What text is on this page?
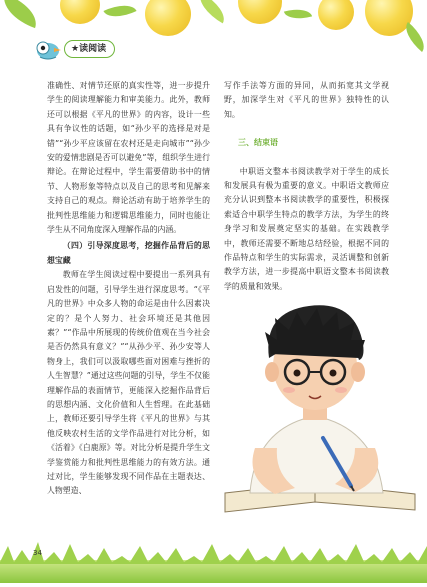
★读阅读

准确性、对情节还原的真实性等，进一步提升学生的阅读理解能力和审美能力。此外，教师还可以根据《平凡的世界》的内容，设计一些具有争议性的话题，如“孙少平的选择是对是错”“孙少平应该留在农村还是走向城市”“孙少安的爱情悲剧是否可以避免”等，组织学生进行辩论。在辩论过程中，学生需要借助书中的情节、人物形象等特点以及自己的思考和见解来支持自己的观点。辩论活动有助于培养学生的批判性思维能力和逻辑思维能力，同时也能让学生从不同角度深入理解作品的内涵。

（四）引导深度思考，挖掘作品背后的思想宝藏

教师在学生阅读过程中要提出一系列具有启发性的问题，引导学生进行深度思考。“《平凡的世界》中众多人物的命运是由什么因素决定的？是个人努力、社会环境还是其他因素？”“作品中所展现的传统价值观在当今社会是否仍然具有意义？”“从孙少平、孙少安等人物身上，我们可以汲取哪些面对困难与挫折的人生智慧？”通过这些问题的引导，学生不仅能理解作品的表面情节，更能深入挖掘作品背后的思想内涵、文化价值和人生哲理。在此基础上，教师还要引导学生将《平凡的世界》与其他反映农村生活的文学作品进行对比分析，如《活着》《白鹿原》等。对比分析是提升学生文学鉴赏能力和批判性思维能力的有效方法。通过对比，学生能够发现不同作品在主题表达、人物塑造、

写作手法等方面的异同，从而拓宽其文学视野，加深学生对《平凡的世界》独特性的认知。

三、结束语

中职语文整本书阅读教学对于学生的成长和发展具有极为重要的意义。中职语文教师应充分认识到整本书阅读教学的重要性，积极探索适合中职学生特点的教学方法，为学生的终身学习和发展奠定坚实的基础。在实践教学中，教师还需要不断地总结经验，根据不同的作品特点和学生的实际需求，灵活调整和创新教学方法，进一步提高中职语文整本书阅读教学的质量和效果。

34
